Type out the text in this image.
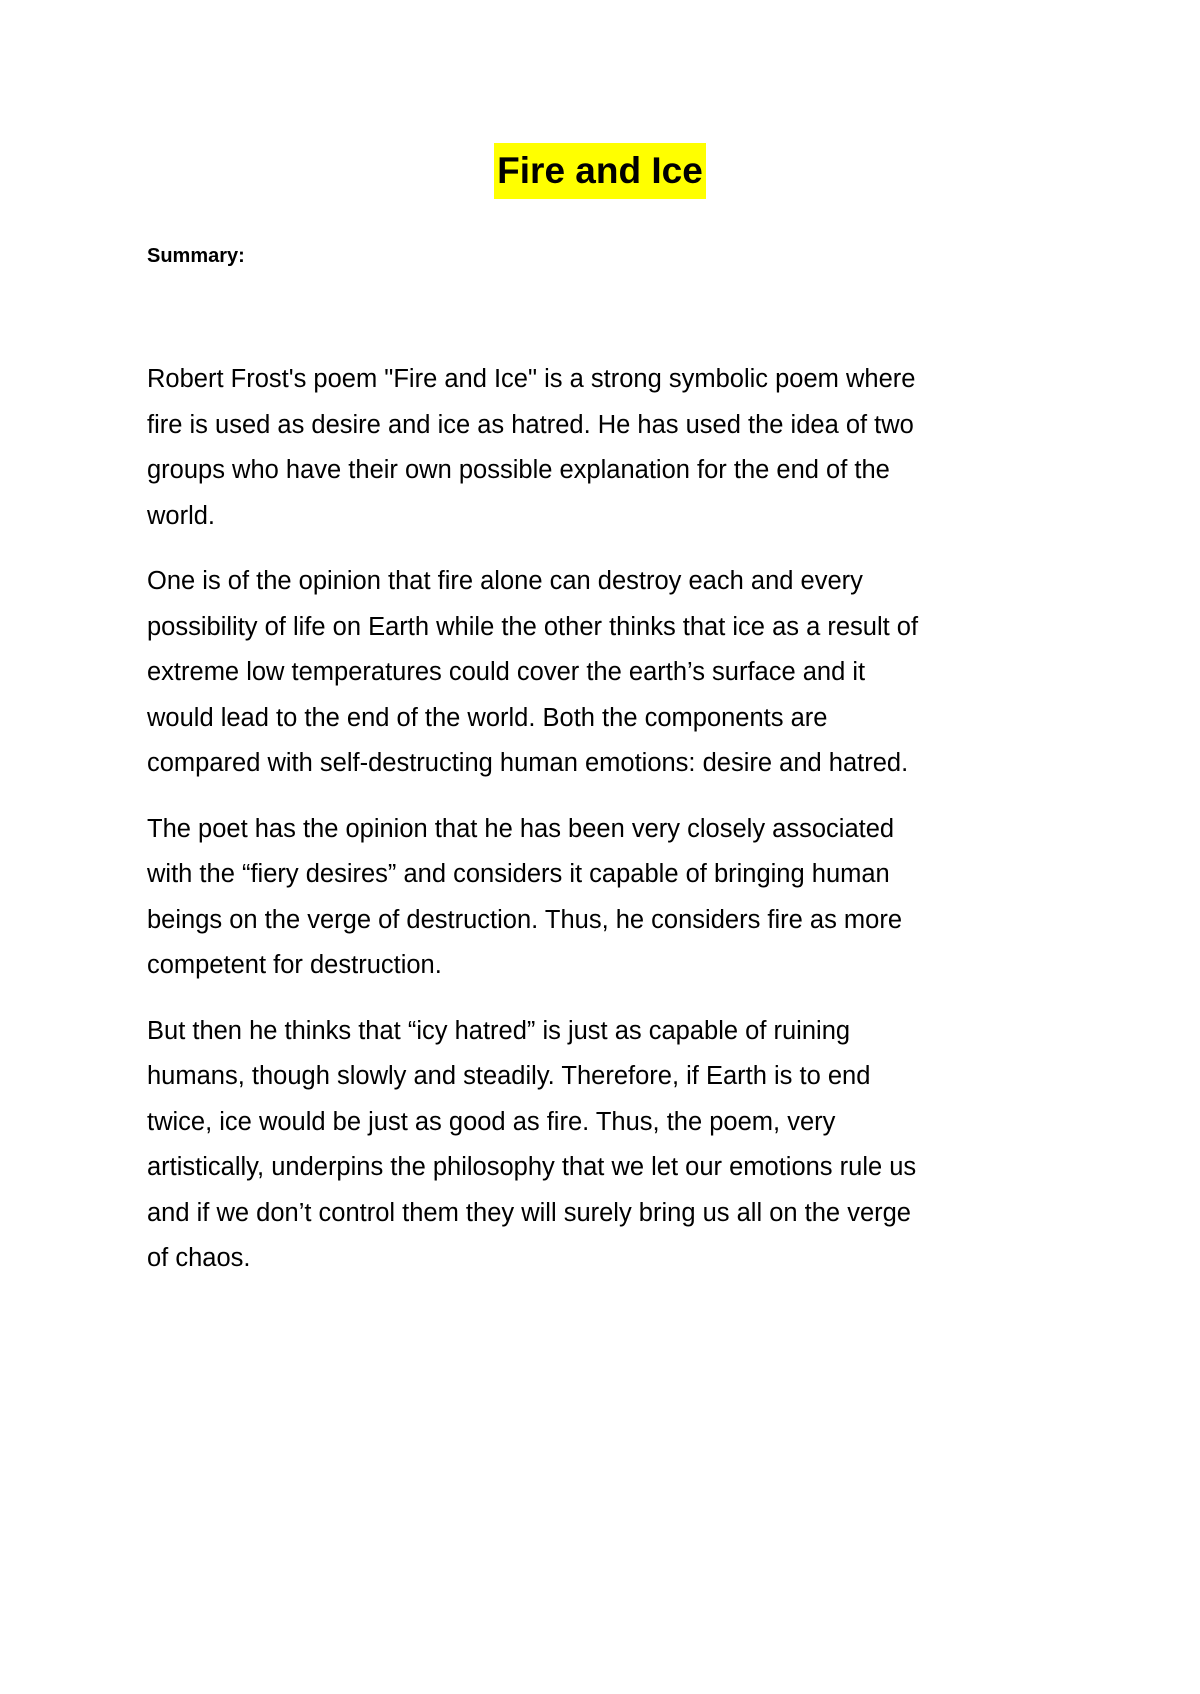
Fire and Ice
Summary:

Robert Frost's poem "Fire and Ice" is a strong symbolic poem where
fire is used as desire and ice as hatred. He has used the idea of two
groups who have their own possible explanation for the end of the
world.

One is of the opinion that fire alone can destroy each and every
possibility of life on Earth while the other thinks that ice as a result of
extreme low temperatures could cover the earth’s surface and it
would lead to the end of the world. Both the components are
compared with self-destructing human emotions: desire and hatred.

The poet has the opinion that he has been very closely associated
with the “fiery desires” and considers it capable of bringing human
beings on the verge of destruction. Thus, he considers fire as more
competent for destruction.

But then he thinks that “icy hatred” is just as capable of ruining
humans, though slowly and steadily. Therefore, if Earth is to end
twice, ice would be just as good as fire. Thus, the poem, very
artistically, underpins the philosophy that we let our emotions rule us
and if we don’t control them they will surely bring us all on the verge
of chaos.
